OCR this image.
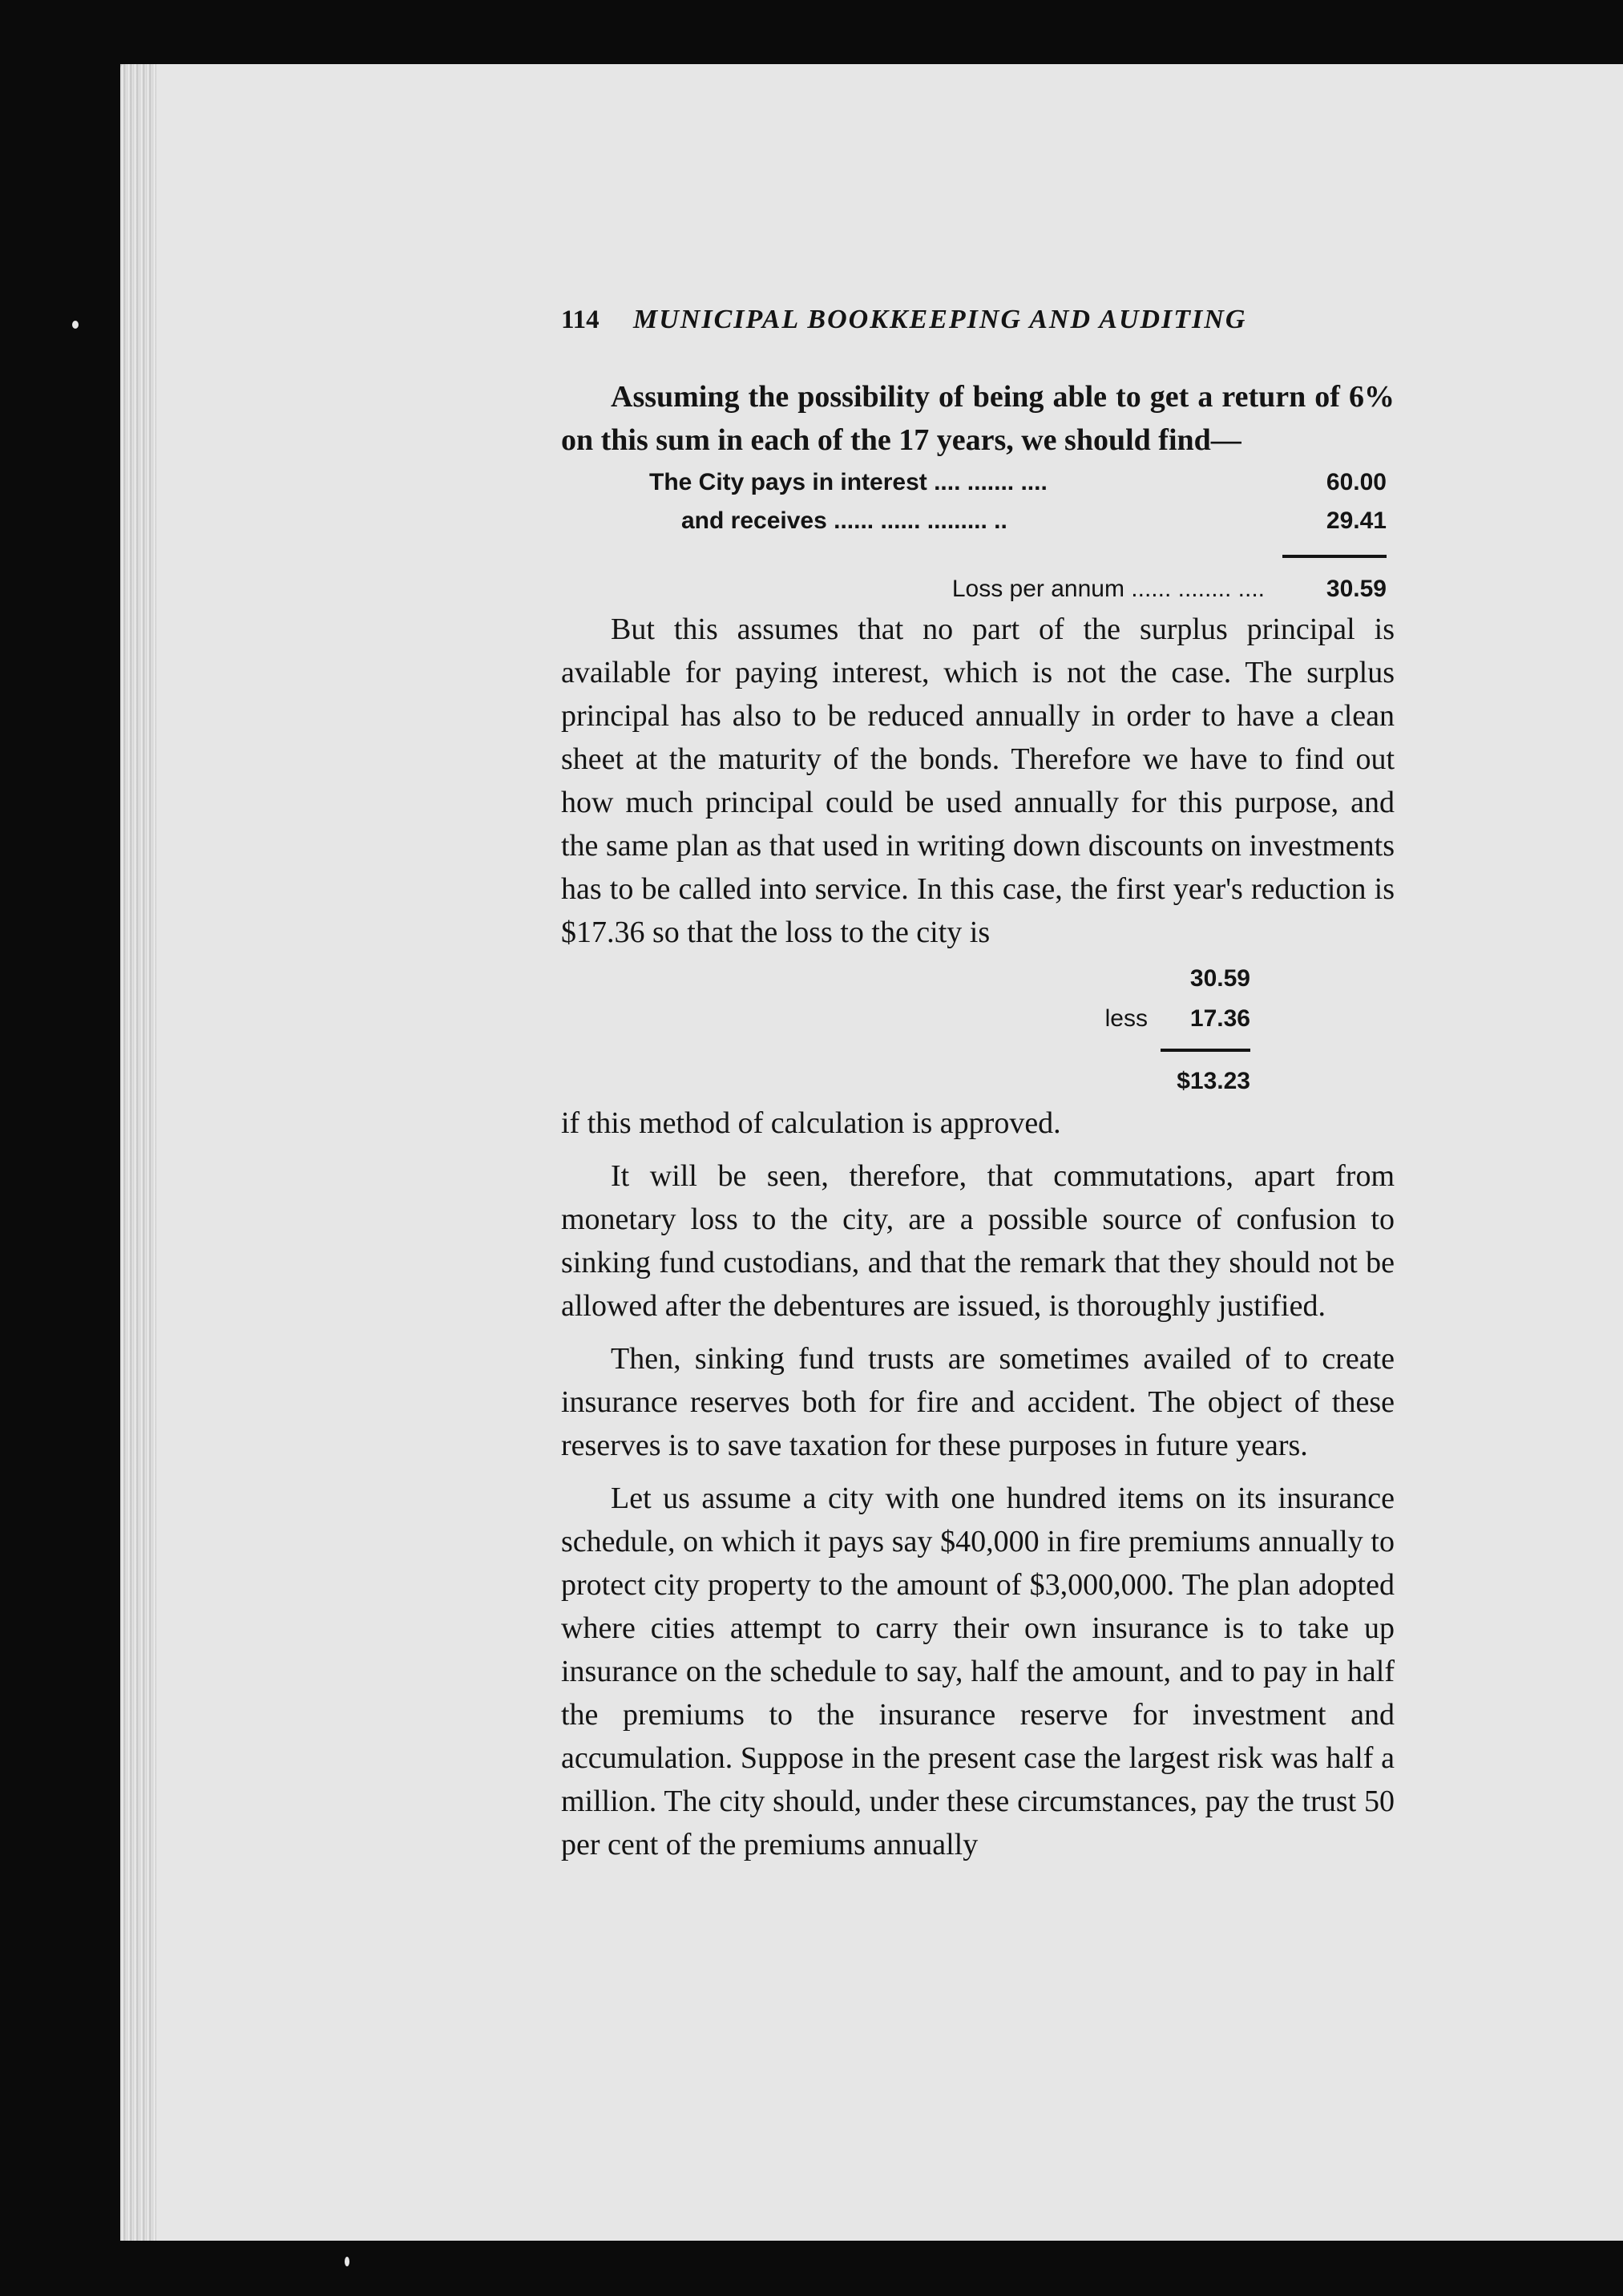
114	MUNICIPAL BOOKKEEPING AND AUDITING

Assuming the possibility of being able to get a return of 6% on this sum in each of the 17 years, we should find—

The City pays in interest .... ....... ....	60.00
and receives ...... ...... ......... ..	29.41
Loss per annum ...... ........ ....	30.59

But this assumes that no part of the surplus principal is available for paying interest, which is not the case. The surplus principal has also to be reduced annually in order to have a clean sheet at the maturity of the bonds. Therefore we have to find out how much principal could be used annually for this purpose, and the same plan as that used in writing down discounts on investments has to be called into service. In this case, the first year's reduction is $17.36 so that the loss to the city is

30.59
less	17.36
$13.23

if this method of calculation is approved.

It will be seen, therefore, that commutations, apart from monetary loss to the city, are a possible source of confusion to sinking fund custodians, and that the remark that they should not be allowed after the debentures are issued, is thoroughly justified.

Then, sinking fund trusts are sometimes availed of to create insurance reserves both for fire and accident. The object of these reserves is to save taxation for these purposes in future years.

Let us assume a city with one hundred items on its insurance schedule, on which it pays say $40,000 in fire premiums annually to protect city property to the amount of $3,000,000. The plan adopted where cities attempt to carry their own insurance is to take up insurance on the schedule to say, half the amount, and to pay in half the premiums to the insurance reserve for investment and accumulation. Suppose in the present case the largest risk was half a million. The city should, under these circumstances, pay the trust 50 per cent of the premiums annually
